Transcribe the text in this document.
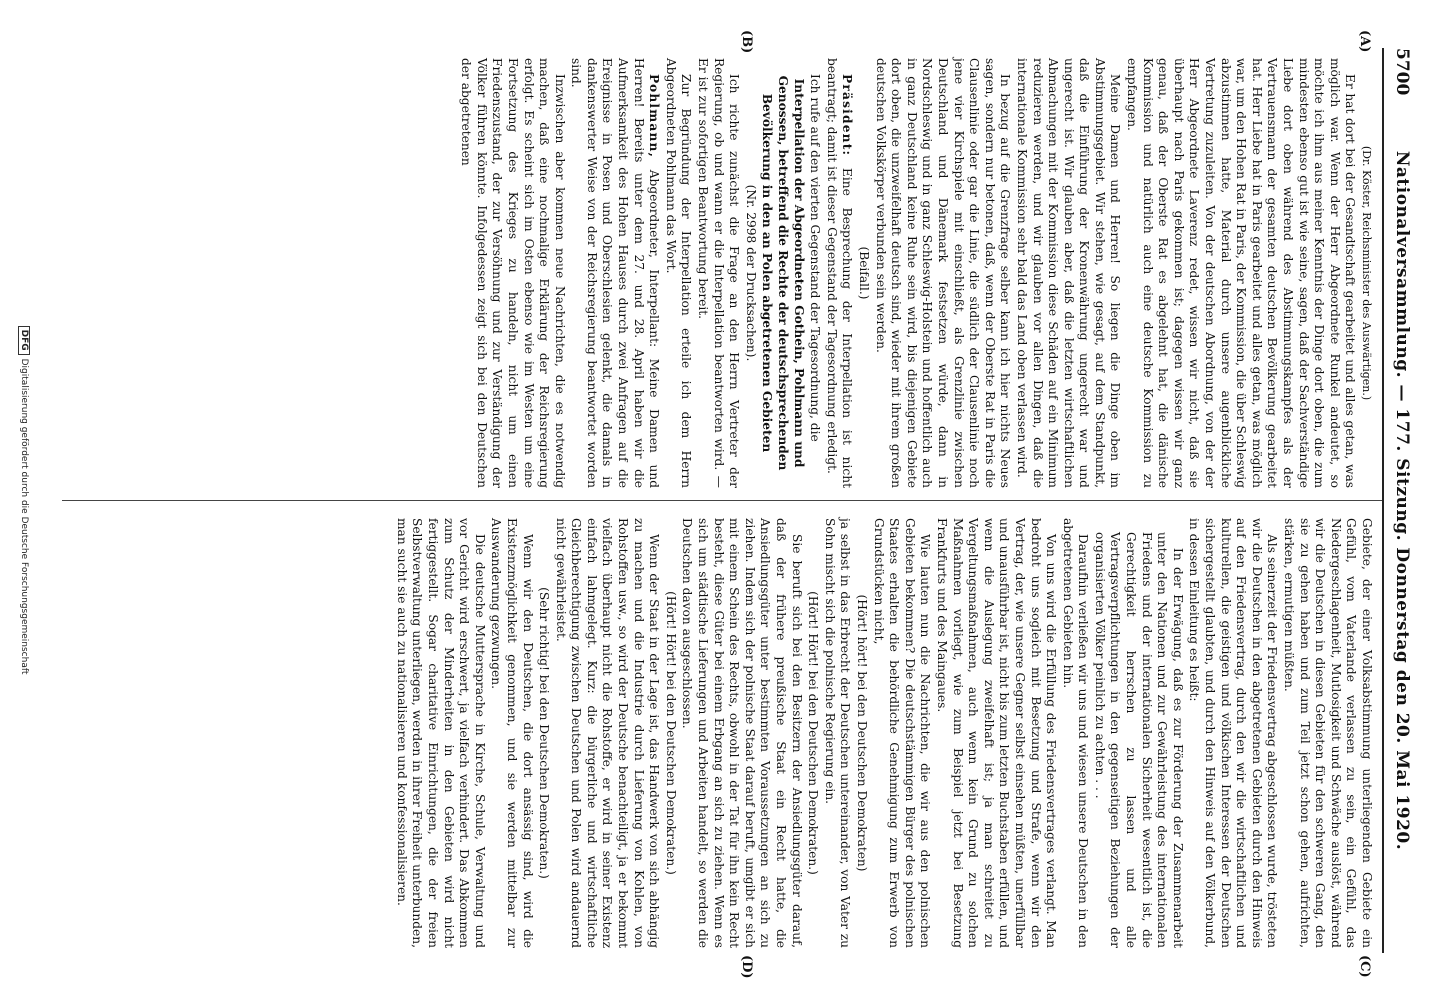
5700
Nationalversammlung. — 177. Sitzung. Donnerstag den 20. Mai 1920.
(A)
(B)
(C)
(D)

(Dr. Köster, Reichsminister des Auswärtigen.)

Er hat dort bei der Gesandtschaft gearbeitet und alles getan, was möglich war. Wenn der Herr Abgeordnete Runkel andeutet, so möchte ich ihm aus meiner Kenntnis der Dinge dort oben, die zum mindesten ebenso gut ist wie seine, sagen, daß der Sachverständige Liebe dort oben während des Abstimmungskampfes als der Vertrauensmann der gesamten deutschen Bevölkerung gearbeitet hat. Herr Liebe hat in Paris gearbeitet und alles getan, was möglich war, um den Hohen Rat in Paris, der Kommission, die über Schleswig abzustimmen hatte, Material durch unsere augenblickliche Vertretung zuzuleiten. Von der deutschen Abordnung, von der der Herr Abgeordnete Laverenz redet, wissen wir nicht, daß sie überhaupt nach Paris gekommen ist; dagegen wissen wir ganz genau, daß der Oberste Rat es abgelehnt hat, die dänische Kommission und natürlich auch eine deutsche Kommission zu empfangen.

Meine Damen und Herren! So liegen die Dinge oben im Abstimmungsgebiet. Wir stehen, wie gesagt, auf dem Standpunkt, daß die Einführung der Kronenwährung ungerecht war und ungerecht ist. Wir glauben aber, daß die letzten wirtschaftlichen Abmachungen mit der Kommission diese Schäden auf ein Minimum reduzieren werden, und wir glauben vor allen Dingen, daß die internationale Kommission sehr bald das Land oben verlassen wird.

In bezug auf die Grenzfrage selber kann ich hier nichts Neues sagen, sondern nur betonen, daß, wenn der Oberste Rat in Paris die Clausenlinie oder gar die Linie, die südlich der Clausenlinie noch jene vier Kirchspiele mit einschließt, als Grenzlinie zwischen Deutschland und Dänemark festsetzen würde, dann in Nordschleswig und in ganz Schleswig-Holstein und hoffentlich auch in ganz Deutschland keine Ruhe sein wird, bis diejenigen Gebiete dort oben, die unzweifelhaft deutsch sind, wieder mit ihrem großen deutschen Volkskörper verbunden sein werden.

(Beifall.)

Präsident: Eine Besprechung der Interpellation ist nicht beantragt; damit ist dieser Gegenstand der Tagesordnung erledigt.

Ich rufe auf den vierten Gegenstand der Tagesordnung, die

Interpellation der Abgeordneten Gothein, Pohlmann und Genossen, betreffend die Rechte der deutschsprechenden Bevölkerung in den an Polen abgetretenen Gebieten

(Nr. 2998 der Drucksachen).

Ich richte zunächst die Frage an den Herrn Vertreter der Regierung, ob und wann er die Interpellation beantworten wird. — Er ist zur sofortigen Beantwortung bereit.

Zur Begründung der Interpellation erteile ich dem Herrn Abgeordneten Pohlmann das Wort.

Pohlmann, Abgeordneter, Interpellant: Meine Damen und Herren! Bereits unter dem 27. und 28. April haben wir die Aufmerksamkeit des Hohen Hauses durch zwei Anfragen auf die Ereignisse in Posen und Oberschlesien gelenkt, die damals in dankenswerter Weise von der Reichsregierung beantwortet worden sind.

Inzwischen aber kommen neue Nachrichten, die es notwendig machen, daß eine nochmalige Erklärung der Reichsregierung erfolgt. Es scheint sich im Osten ebenso wie im Westen um eine Fortsetzung des Krieges zu handeln, nicht um einen Friedenszustand, der zur Versöhnung und zur Verständigung der Völker führen könnte. Infolgedessen zeigt sich bei den Deutschen der abgetretenen

Gebiete, der einer Volksabstimmung unterliegenden Gebiete ein Gefühl, vom Vaterlande verlassen zu sein, ein Gefühl, das Niedergeschlagenheit, Mutlosigkeit und Schwäche auslöst, während wir die Deutschen in diesen Gebieten für den schweren Gang, den sie zu gehen haben und zum Teil jetzt schon gehen, aufrichten, stärken, ermutigen müßten.

Als seinerzeit der Friedensvertrag abgeschlossen wurde, trösteten wir die Deutschen in den abgetretenen Gebieten durch den Hinweis auf den Friedensvertrag, durch den wir die wirtschaftlichen und kulturellen, die geistigen und völkischen Interessen der Deutschen sichergestellt glaubten, und durch den Hinweis auf den Völkerbund, in dessen Einleitung es heißt:

In der Erwägung, daß es zur Förderung der Zusammenarbeit unter den Nationen und zur Gewährleistung des internationalen Friedens und der internationalen Sicherheit wesentlich ist, die Gerechtigkeit herrschen zu lassen und alle Vertragsverpflichtungen in den gegenseitigen Beziehungen der organisierten Völker peinlich zu achten . . .

Daraufhin verließen wir uns und wiesen unsere Deutschen in den abgetretenen Gebieten hin.

Von uns wird die Erfüllung des Friedensvertrages verlangt. Man bedroht uns sogleich mit Besetzung und Strafe, wenn wir den Vertrag, der, wie unsere Gegner selbst einsehen müßten, unerfüllbar und unausführbar ist, nicht bis zum letzten Buchstaben erfüllen, und wenn die Auslegung zweifelhaft ist; ja man schreitet zu Vergeltungsmaßnahmen, auch wenn kein Grund zu solchen Maßnahmen vorliegt, wie zum Beispiel jetzt bei Besetzung Frankfurts und des Maingaues.

Wie lauten nun die Nachrichten, die wir aus den polnischen Gebieten bekommen? Die deutschstämmigen Bürger des polnischen Staates erhalten die behördliche Genehmigung zum Erwerb von Grundstücken nicht,

(Hört! hört! bei den Deutschen Demokraten)

ja selbst in das Erbrecht der Deutschen untereinander, von Vater zu Sohn mischt sich die polnische Regierung ein.

(Hört! Hört! bei den Deutschen Demokraten.)

Sie beruft sich bei den Besitzern der Ansiedlungsgüter darauf, daß der frühere preußische Staat ein Recht hatte, die Ansiedlungsgüter unter bestimmten Voraussetzungen an sich zu ziehen. Indem sich der polnische Staat darauf beruft, umgibt er sich mit einem Schein des Rechts, obwohl in der Tat für ihn kein Recht besteht, diese Güter bei einem Erbgang an sich zu ziehen. Wenn es sich um städtische Lieferungen und Arbeiten handelt, so werden die Deutschen davon ausgeschlossen.

(Hört! Hört! bei den Deutschen Demokraten.)

Wenn der Staat in der Lage ist, das Handwerk von sich abhängig zu machen und die Industrie durch Lieferung von Kohlen, von Rohstoffen usw., so wird der Deutsche benachteiligt, ja er bekommt vielfach überhaupt nicht die Rohstoffe, er wird in seiner Existenz einfach lahmgelegt. Kurz: die bürgerliche und wirtschaftliche Gleichberechtigung zwischen Deutschen und Polen wird andauernd nicht gewährleistet.

(Sehr richtig! bei den Deutschen Demokraten.)

Wenn wir den Deutschen, die dort ansässig sind, wird die Existenzmöglichkeit genommen, und sie werden mittelbar zur Auswanderung gezwungen.

Die deutsche Muttersprache in Kirche, Schule, Verwaltung und vor Gericht wird erschwert, ja vielfach verhindert. Das Abkommen zum Schutz der Minderheiten in den Gebieten wird nicht fertiggestellt. Sogar charitative Einrichtungen, die der freien Selbstverwaltung unterliegen, werden in ihrer Freiheit unterbunden, man sucht sie auch zu nationalisieren und konfessionalisieren.

DFGDigitalisierung gefördert durch die Deutsche Forschungsgemeinschaft
